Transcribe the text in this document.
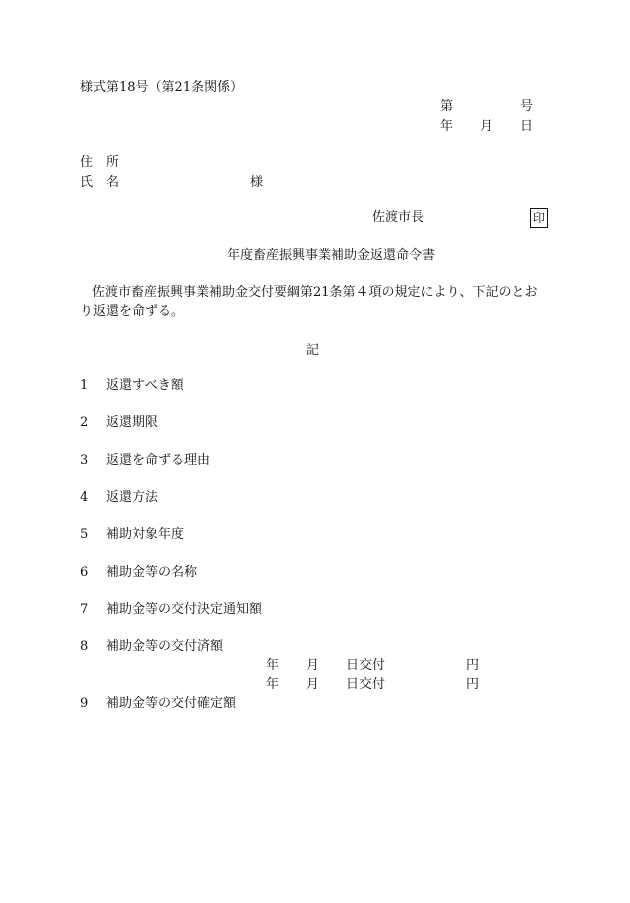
様式第18号（第21条関係）
第	号
年 月 日
住　所
氏　名	様
佐渡市長	印
年度畜産振興事業補助金返還命令書
佐渡市畜産振興事業補助金交付要綱第21条第４項の規定により、下記のとお
り返還を命ずる。
記
1 返還すべき額
2 返還期限
3 返還を命ずる理由
4 返還方法
5 補助対象年度
6 補助金等の名称
7 補助金等の交付決定通知額
8 補助金等の交付済額
年 月 日交付	円
年 月 日交付	円
9 補助金等の交付確定額
